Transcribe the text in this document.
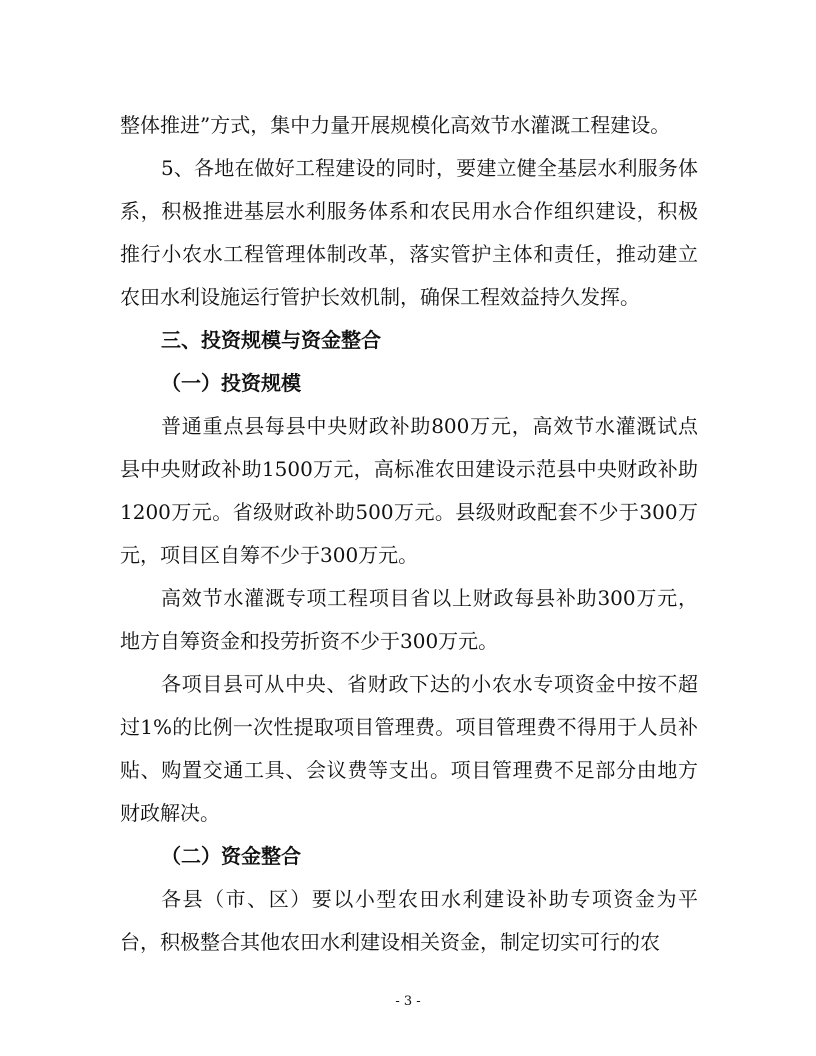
整体推进”方式，集中力量开展规模化高效节水灌溉工程建设。

5、各地在做好工程建设的同时，要建立健全基层水利服务体系，积极推进基层水利服务体系和农民用水合作组织建设，积极推行小农水工程管理体制改革，落实管护主体和责任，推动建立农田水利设施运行管护长效机制，确保工程效益持久发挥。

三、投资规模与资金整合

（一）投资规模

普通重点县每县中央财政补助800万元，高效节水灌溉试点县中央财政补助1500万元，高标准农田建设示范县中央财政补助1200万元。省级财政补助500万元。县级财政配套不少于300万元，项目区自筹不少于300万元。

高效节水灌溉专项工程项目省以上财政每县补助300万元，地方自筹资金和投劳折资不少于300万元。

各项目县可从中央、省财政下达的小农水专项资金中按不超过1%的比例一次性提取项目管理费。项目管理费不得用于人员补贴、购置交通工具、会议费等支出。项目管理费不足部分由地方财政解决。

（二）资金整合

各县（市、区）要以小型农田水利建设补助专项资金为平台，积极整合其他农田水利建设相关资金，制定切实可行的农

- 3 -
